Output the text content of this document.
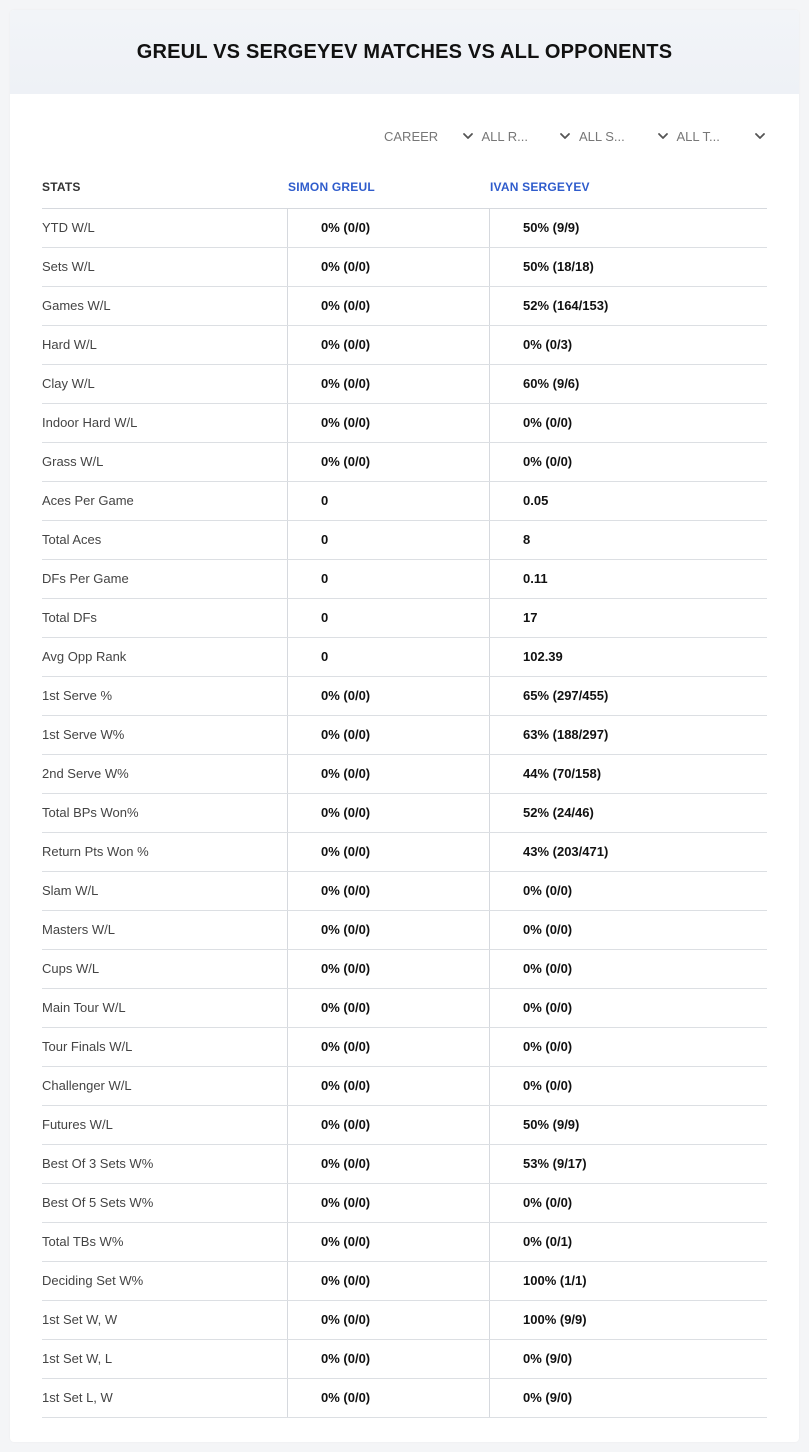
GREUL VS SERGEYEV MATCHES VS ALL OPPONENTS
CAREER	ALL R...	ALL S...	ALL T...
STATS	SIMON GREUL	IVAN SERGEYEV
YTD W/L	0% (0/0)	50% (9/9)
Sets W/L	0% (0/0)	50% (18/18)
Games W/L	0% (0/0)	52% (164/153)
Hard W/L	0% (0/0)	0% (0/3)
Clay W/L	0% (0/0)	60% (9/6)
Indoor Hard W/L	0% (0/0)	0% (0/0)
Grass W/L	0% (0/0)	0% (0/0)
Aces Per Game	0	0.05
Total Aces	0	8
DFs Per Game	0	0.11
Total DFs	0	17
Avg Opp Rank	0	102.39
1st Serve %	0% (0/0)	65% (297/455)
1st Serve W%	0% (0/0)	63% (188/297)
2nd Serve W%	0% (0/0)	44% (70/158)
Total BPs Won%	0% (0/0)	52% (24/46)
Return Pts Won %	0% (0/0)	43% (203/471)
Slam W/L	0% (0/0)	0% (0/0)
Masters W/L	0% (0/0)	0% (0/0)
Cups W/L	0% (0/0)	0% (0/0)
Main Tour W/L	0% (0/0)	0% (0/0)
Tour Finals W/L	0% (0/0)	0% (0/0)
Challenger W/L	0% (0/0)	0% (0/0)
Futures W/L	0% (0/0)	50% (9/9)
Best Of 3 Sets W%	0% (0/0)	53% (9/17)
Best Of 5 Sets W%	0% (0/0)	0% (0/0)
Total TBs W%	0% (0/0)	0% (0/1)
Deciding Set W%	0% (0/0)	100% (1/1)
1st Set W, W	0% (0/0)	100% (9/9)
1st Set W, L	0% (0/0)	0% (9/0)
1st Set L, W	0% (0/0)	0% (9/0)
